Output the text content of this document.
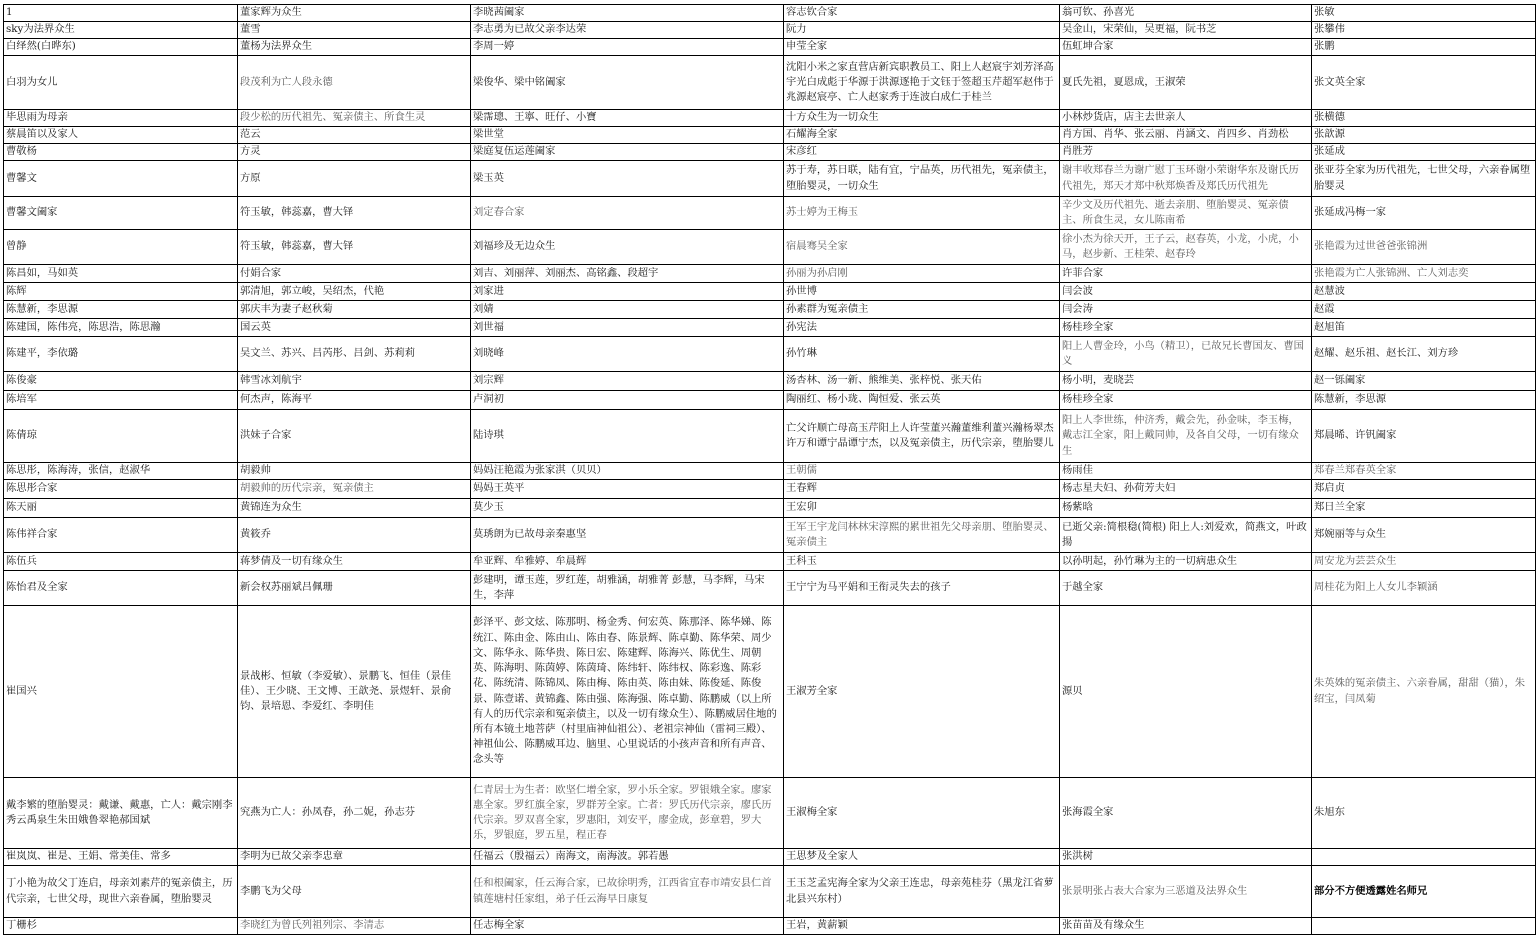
1	董家辉为众生	李晓茜阖家	容志钦合家	翁可钦、孙喜光	张敏
sky为法界众生	董雪	李志勇为已故父亲李达荣	阮力	吴金山，宋荣仙，吴更福，阮书芝	张攀伟
白绎然(白晔东)	董杨为法界众生	李周一婷	申莹全家	伍虹坤合家	张鹏
白羽为女儿	段茂利为亡人段永德	梁俊华、梁中铭阖家	沈阳小米之家直营店新宾职教员工、阳上人赵宸宇刘芳泽高宇光白成彪于华源于洪源逐艳于文钰于签超玉芹超军赵伟于兆源赵宸亭、亡人赵家秀于连波白成仁于桂兰	夏氏先祖，夏恩成，王淑荣	张文英全家
毕思雨为母亲	段少松的历代祖先、冤亲债主、所食生灵	梁霈璁、王寧、旺仔、小寶	十方众生为一切众生	小林炒货店，店主去世亲人	张横德
蔡晨笛以及家人	范云	梁世堂	石耀海全家	肖方国、肖华、张云丽、肖涵文、肖四乡、肖劲松	张歆源
曹敬杨	方灵	梁庭复伍运莲阖家	宋彦红	肖胜芳	张延成
曹馨文	方原	梁玉英	苏于寿，苏日联，陆有宜，宁品英，历代祖先，冤亲债主，堕胎婴灵，一切众生	谢丰收郑春兰为谢广慰丁玉环谢小荣谢华东及谢氏历代祖先，郑天才郑中秋郑焕香及郑氏历代祖先	张亚芬全家为历代祖先，七世父母，六亲眷属堕胎婴灵
曹馨文阖家	符玉敏，韩蕊嘉，曹大铎	刘定春合家	苏士婷为王梅玉	辛少文及历代祖先、逝去亲朋、堕胎婴灵、冤亲债主、所食生灵，女儿陈南希	张延成冯梅一家
曾静	符玉敏，韩蕊嘉，曹大铎	刘福珍及无边众生	宿晨骞吴全家	徐小杰为徐天开，王子云，赵春英，小龙，小虎，小马，赵步新、王桂荣、赵春玲	张艳霞为过世爸爸张锦洲
陈昌如，马如英	付娟合家	刘吉、刘丽萍、刘丽杰、高铭鑫、段超宇	孙丽为孙启刚	许菲合家	张艳霞为亡人张锦洲、亡人刘志奕
陈辉	郭清旭，郭立峻，吴绍杰，代艳	刘家进	孙世博	闫会波	赵慧波
陈慧新，李思源	郭庆丰为妻子赵秋菊	刘婧	孙素群为冤亲债主	闫会涛	赵霞
陈建国，陈伟亮，陈思浩，陈思瀚	国云英	刘世福	孙宪法	杨桂珍全家	赵旭笛
陈建平，李依璐	吴文兰、苏兴、吕芮彤、吕剑、苏莉莉	刘晓峰	孙竹琳	阳上人曹金玲，小鸟（精卫），已故兄长曹国友、曹国义	赵耀、赵乐祖、赵长江、刘方珍
陈俊豪	韩雪冰刘航宇	刘宗辉	汤杏林、汤一新、熊维美、张梓悦、张天佑	杨小明，麦晓芸	赵一铄阖家
陈培军	何杰声，陈海平	卢洞初	陶丽红、杨小珑、陶恒爱、张云英	杨桂珍全家	陈慧新，李思源
陈倩琼	洪妹子合家	陆诗琪	亡父许顺亡母高玉芹阳上人许莹董兴瀚董维利董兴瀚杨翠杰许万和谭宁晶谭宁杰，以及冤亲债主，历代宗亲，堕胎婴儿	阳上人李世练，仲济秀，戴会先，孙金味，李玉梅，戴志江全家，阳上戴同帅，及各自父母，一切有缘众生	郑晨晞、许钒阖家
陈思彤，陈海涛，张信，赵淑华	胡毅帅	妈妈汪艳霞为张家淇（贝贝）	王朝儒	杨雨佳	郑春兰郑春英全家
陈思彤合家	胡毅帅的历代宗亲，冤亲债主	妈妈王英平	王春辉	杨志星夫妇、孙荷芳夫妇	郑启贞
陈天丽	黄锦连为众生	莫少玉	王宏卯	杨紫晗	郑日兰全家
陈伟祥合家	黄筱乔	莫琇朗为已故母亲秦惠坚	王军王宇龙闫林林宋淳熙的累世祖先父母亲朋、堕胎婴灵、冤亲债主	已逝父亲:简根稳(简根) 阳上人:刘爱欢，简燕文，叶政揚	郑婉丽等与众生
陈伍兵	蒋梦倩及一切有缘众生	牟亚辉、牟雅婷、牟晨辉	王科玉	以孙明起，孙竹琳为主的一切病患众生	周安龙为芸芸众生
陈怡君及全家	新会权苏丽斌吕佩珊	彭建明，谭玉莲，罗红莲，胡雅涵，胡雅菁 彭慧，马李辉，马宋生，李萍	王宁宁为马平娟和王衔灵失去的孩子	于越全家	周桂花为阳上人女儿李颖涵
崔国兴	景战彬、恒敏（李爱敏）、景鹏飞、恒佳（景佳佳）、王少晓、王文博、王歆尧、景煜轩、景俞钧、景培恩、李爱红、李明佳	彭泽平、彭文炫、陈那明、杨金秀、何宏英、陈那泽、陈华娣、陈统江、陈由金、陈由山、陈由春、陈景辉、陈卓勤、陈华荣、周少文、陈华永、陈华贵、陈日宏、陈建辉、陈海兴、陈优生、周朝英、陈海明、陈茵婷、陈茵琦、陈纬轩、陈纬权、陈彩逸、陈彩花、陈统清、陈锦凤、陈由梅、陈由英、陈由妹、陈俊延、陈俊景、陈壹诺、黄锦鑫、陈由强、陈海强、陈卓勤、陈鹏威（以上所有人的历代宗亲和冤亲债主，以及一切有缘众生）、陈鹏威居住地的所有本镜土地菩萨（村里庙神仙祖公）、老祖宗神仙（雷祠三殿）、神祖仙公、陈鹏威耳边、脑里、心里说话的小孩声音和所有声音、念头等	王淑芳全家	源贝	朱英姝的冤亲债主、六亲眷属，甜甜（猫），朱绍宝，闫凤菊
戴李繁的堕胎婴灵：戴谦、戴惠，亡人：戴宗刚李秀云禹泉生朱田娥鲁翠艳郝国斌	究燕为亡人：孙凤春，孙二妮，孙志芬	仁青居士为生者：欧坚仁增全家，罗小乐全家。罗银娥全家。廖家惠全家。罗红旗全家，罗群芳全家。亡者：罗氏历代宗亲，廖氏历代宗亲。罗双喜全家，罗惠阳，刘安平，廖金成，彭章碧，罗大乐，罗银庭，罗五星，程正春	王淑梅全家	张海霞全家	朱旭东
崔岚岚、崔是、王娟、常美佳、常多	李明为已故父亲李忠章	任福云（殷福云）南海文，南海波。郭若愚	王思梦及全家人	张洪树	
丁小艳为故父丁连启，母亲刘素芹的冤亲债主，历代宗亲，七世父母，现世六亲眷属，堕胎婴灵	李鹏飞为父母	任和根阖家，任云海合家，已故徐明秀，江西省宜春市靖安县仁首镇莲塘村任家组，弟子任云海早日康复	王玉芝孟宪海全家为父亲王连忠，母亲苑桂芬（黑龙江省萝北县兴东村）	张景明张占表大合家为三恶道及法界众生	部分不方便透露姓名师兄
丁栅杉	李晓红为曾氏列祖列宗、李清志	任志梅全家	王岩，黄薪颖	张苗苗及有缘众生	
